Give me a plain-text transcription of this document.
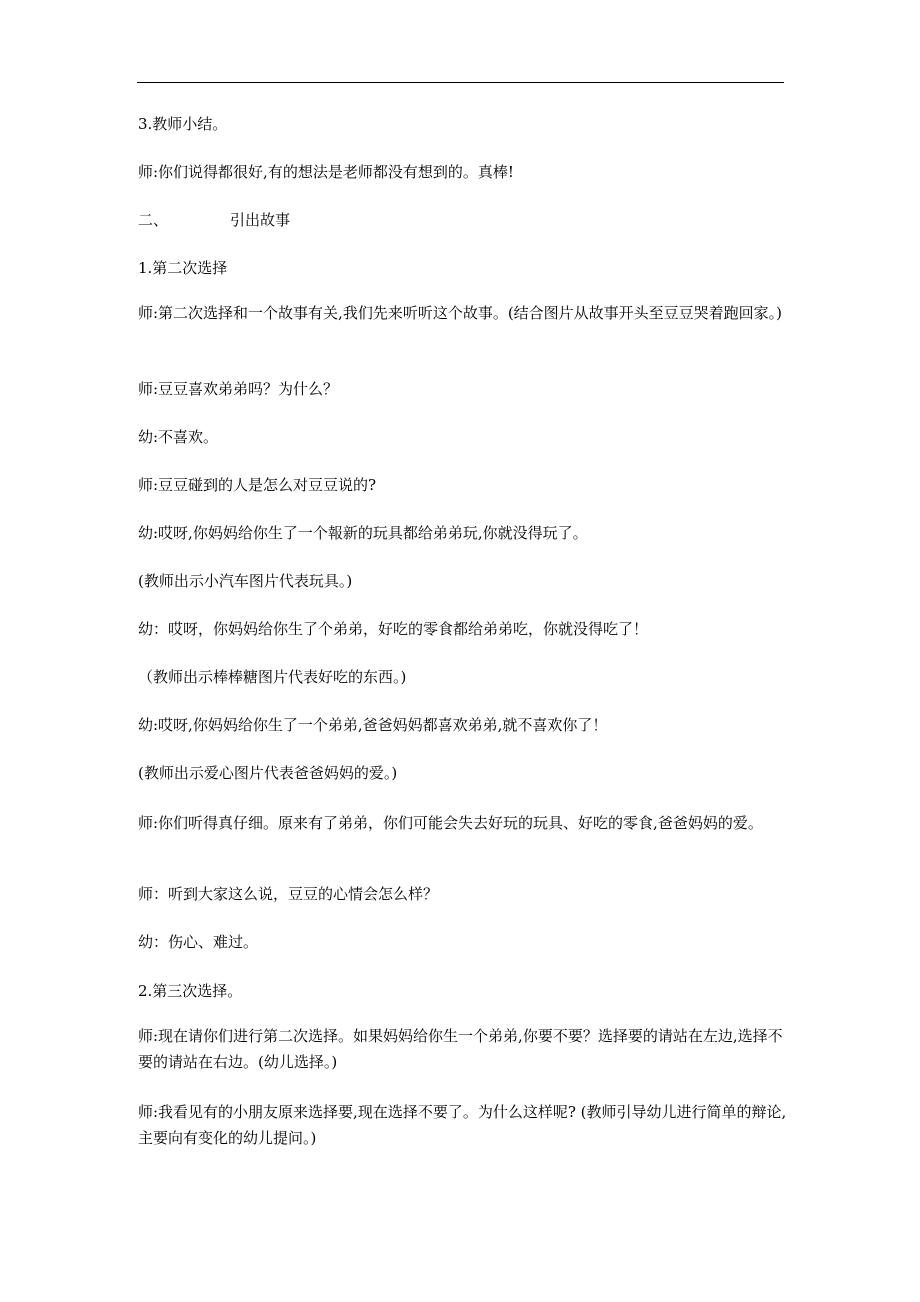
3.教师小结。
师:你们说得都很好,有的想法是老师都没有想到的。真棒!
二、	引出故事
1.第二次选择
师:第二次选择和一个故事有关,我们先来听听这个故事。(结合图片从故事开头至豆豆哭着跑回家。)
师:豆豆喜欢弟弟吗？为什么？
幼:不喜欢。
师:豆豆碰到的人是怎么对豆豆说的?
幼:哎呀,你妈妈给你生了一个報新的玩具都给弟弟玩,你就没得玩了。
(教师出示小汽车图片代表玩具。)
幼：哎呀，你妈妈给你生了个弟弟，好吃的零食都给弟弟吃，你就没得吃了！
（教师出示棒棒糖图片代表好吃的东西。)
幼:哎呀,你妈妈给你生了一个弟弟,爸爸妈妈都喜欢弟弟,就不喜欢你了！
(教师出示爱心图片代表爸爸妈妈的爱。)
师:你们听得真仔细。原来有了弟弟，你们可能会失去好玩的玩具、好吃的零食,爸爸妈妈的爱。
师：听到大家这么说，豆豆的心情会怎么样？
幼：伤心、难过。
2.第三次选择。
师:现在请你们进行第二次选择。如果妈妈给你生一个弟弟,你要不要？选择要的请站在左边,选择不要的请站在右边。(幼儿选择。)
师:我看见有的小朋友原来选择要,现在选择不要了。为什么这样呢? (教师引导幼儿进行简单的辩论, 主要向有变化的幼儿提问。)
